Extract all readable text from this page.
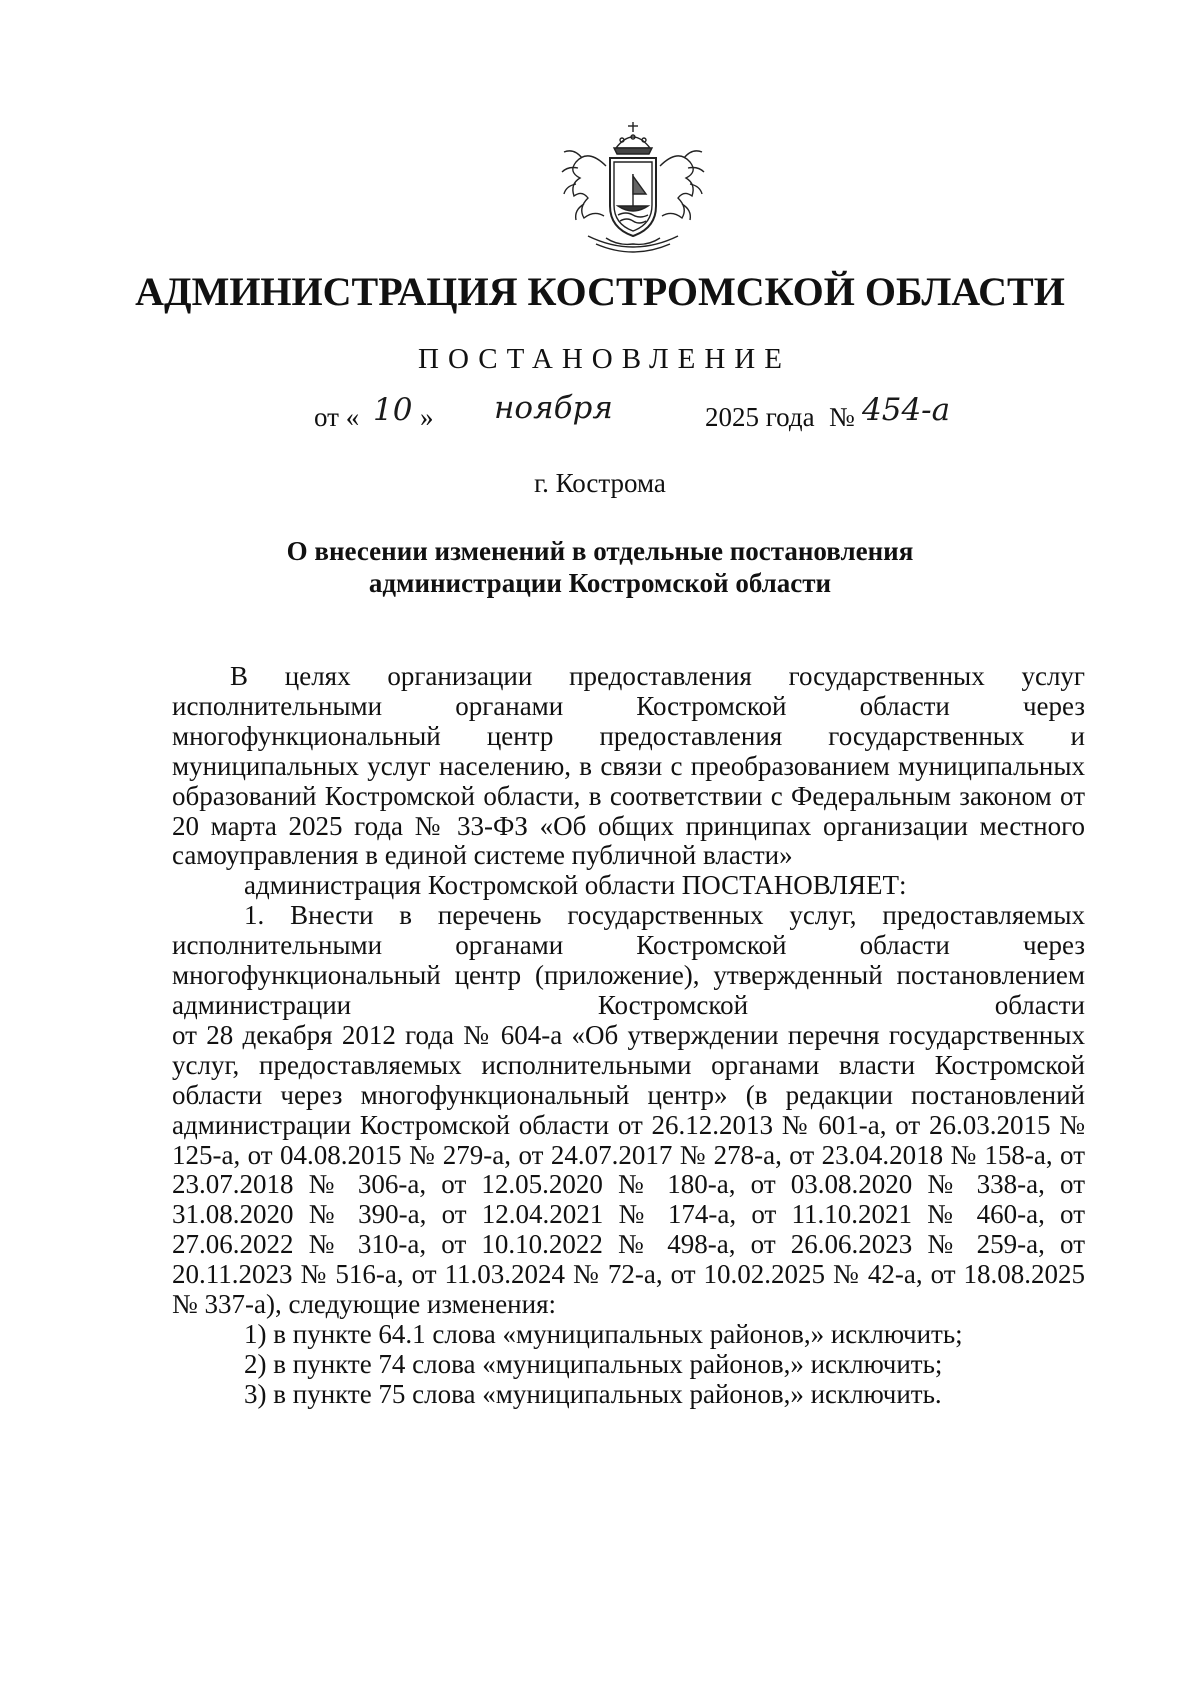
АДМИНИСТРАЦИЯ КОСТРОМСКОЙ ОБЛАСТИ
ПОСТАНОВЛЕНИЕ
от « 10 » ноября	2025 года № 454-а
г. Кострома
О внесении изменений в отдельные постановления
администрации Костромской области

В целях организации предоставления государственных услуг исполнительными органами Костромской области через многофункциональный центр предоставления государственных и муниципальных услуг населению, в связи с преобразованием муниципальных образований Костромской области, в соответствии с Федеральным законом от 20 марта 2025 года № 33-ФЗ «Об общих принципах организации местного самоуправления в единой системе публичной власти»

администрация Костромской области ПОСТАНОВЛЯЕТ:

1. Внести в перечень государственных услуг, предоставляемых исполнительными органами Костромской области через многофункциональный центр (приложение), утвержденный постановлением администрации Костромской области

от 28 декабря 2012 года № 604-а «Об утверждении перечня государственных услуг, предоставляемых исполнительными органами власти Костромской области через многофункциональный центр» (в редакции постановлений администрации Костромской области от 26.12.2013 № 601-а, от 26.03.2015 № 125-а, от 04.08.2015 № 279-а, от 24.07.2017 № 278-а, от 23.04.2018 № 158-а, от 23.07.2018 № 306-а, от 12.05.2020 № 180-а, от 03.08.2020 № 338-а, от 31.08.2020 № 390-а, от 12.04.2021 № 174-а, от 11.10.2021 № 460-а, от 27.06.2022 № 310-а, от 10.10.2022 № 498-а, от 26.06.2023 № 259-а, от 20.11.2023 № 516-а, от 11.03.2024 № 72-а, от 10.02.2025 № 42-а, от 18.08.2025 № 337-а), следующие изменения:

1) в пункте 64.1 слова «муниципальных районов,» исключить;

2) в пункте 74 слова «муниципальных районов,» исключить;

3) в пункте 75 слова «муниципальных районов,» исключить.
